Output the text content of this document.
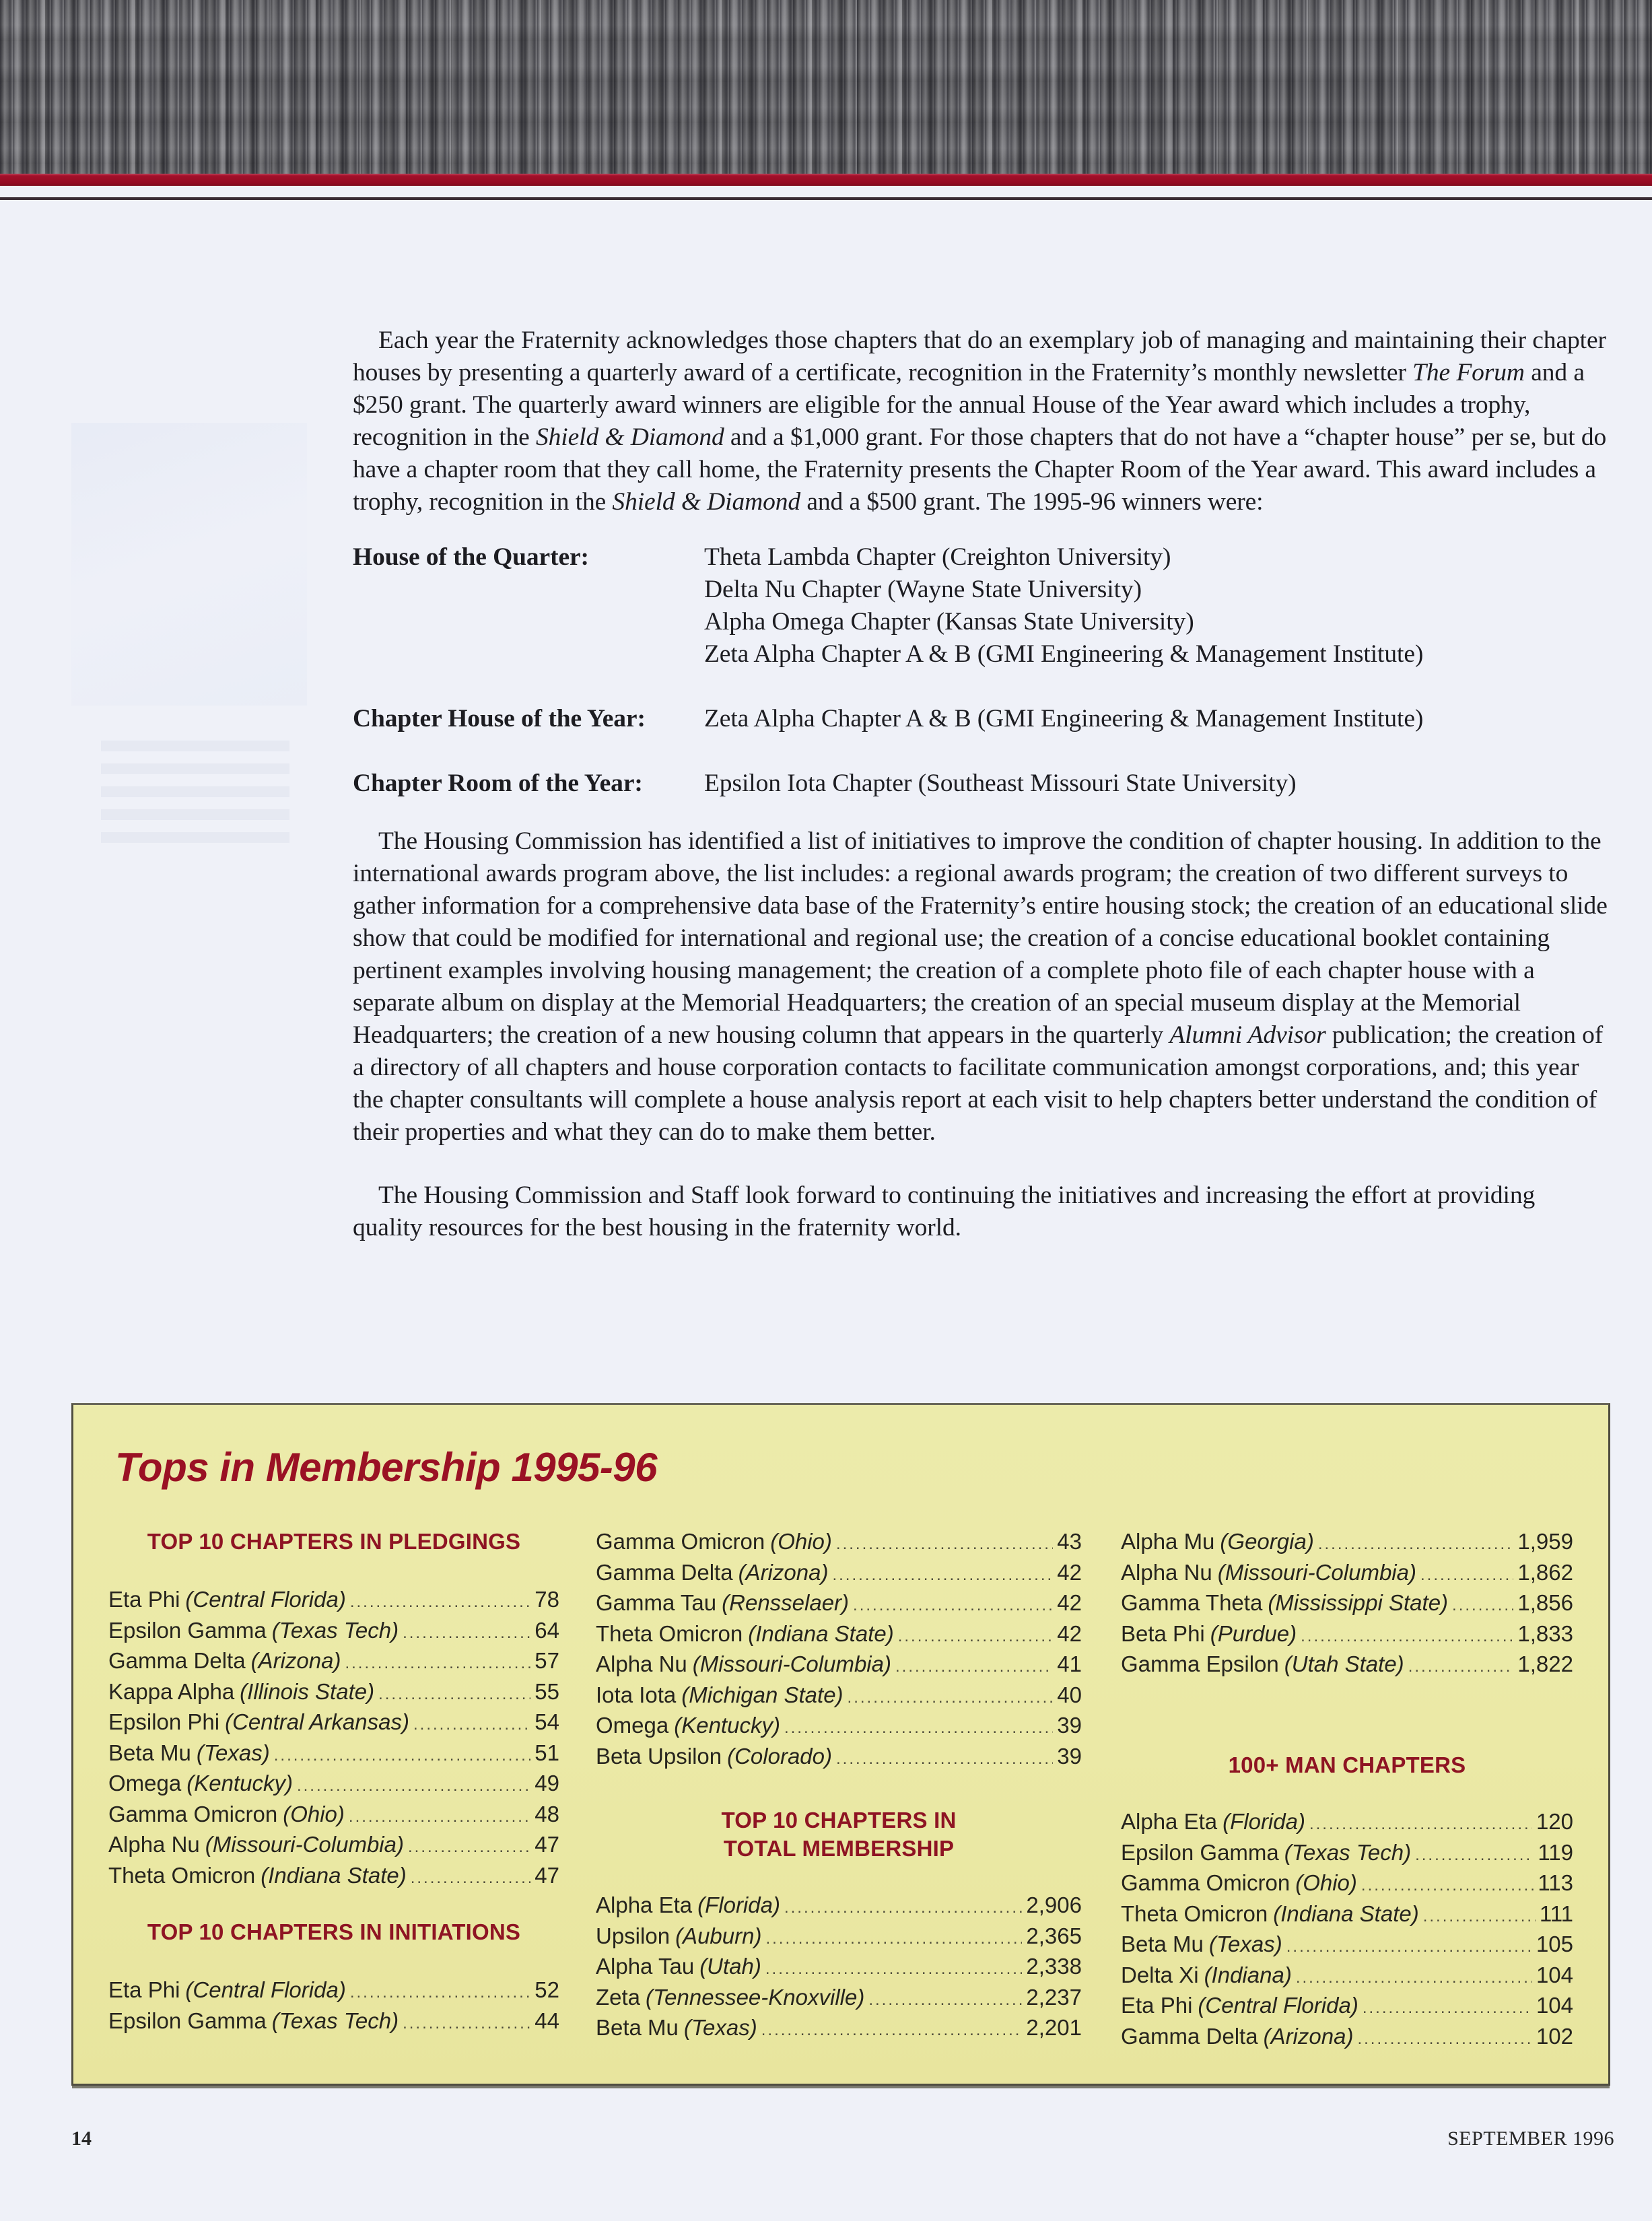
Each year the Fraternity acknowledges those chapters that do an exemplary job of managing and maintaining their chapter houses by presenting a quarterly award of a certificate, recognition in the Fraternity’s monthly newsletter The Forum and a $250 grant. The quarterly award winners are eligible for the annual House of the Year award which includes a trophy, recognition in the Shield & Diamond and a $1,000 grant. For those chapters that do not have a “chapter house” per se, but do have a chapter room that they call home, the Fraternity presents the Chapter Room of the Year award. This award includes a trophy, recognition in the Shield & Diamond and a $500 grant. The 1995-96 winners were:

House of the Quarter:	Theta Lambda Chapter (Creighton University)
Delta Nu Chapter (Wayne State University)
Alpha Omega Chapter (Kansas State University)
Zeta Alpha Chapter A & B (GMI Engineering & Management Institute)
Chapter House of the Year:	Zeta Alpha Chapter A & B (GMI Engineering & Management Institute)
Chapter Room of the Year:	Epsilon Iota Chapter (Southeast Missouri State University)

The Housing Commission has identified a list of initiatives to improve the condition of chapter housing. In addition to the international awards program above, the list includes: a regional awards program; the creation of two different surveys to gather information for a comprehensive data base of the Fraternity’s entire housing stock; the creation of an educational slide show that could be modified for international and regional use; the creation of a concise educational booklet containing pertinent examples involving housing management; the creation of a complete photo file of each chapter house with a separate album on display at the Memorial Headquarters; the creation of an special museum display at the Memorial Headquarters; the creation of a new housing column that appears in the quarterly Alumni Advisor publication; the creation of a directory of all chapters and house corporation contacts to facilitate communication amongst corporations, and; this year the chapter consultants will complete a house analysis report at each visit to help chapters better understand the condition of their properties and what they can do to make them better.

The Housing Commission and Staff look forward to continuing the initiatives and increasing the effort at providing quality resources for the best housing in the fraternity world.

Tops in Membership 1995-96
TOP 10 CHAPTERS IN PLEDGINGS
Eta Phi (Central Florida) .....	78
Epsilon Gamma (Texas Tech) .....	64
Gamma Delta (Arizona) .....	57
Kappa Alpha (Illinois State) .....	55
Epsilon Phi (Central Arkansas) .....	54
Beta Mu (Texas) .....	51
Omega (Kentucky) .....	49
Gamma Omicron (Ohio) .....	48
Alpha Nu (Missouri-Columbia) .....	47
Theta Omicron (Indiana State) .....	47
TOP 10 CHAPTERS IN INITIATIONS
Eta Phi (Central Florida) .....	52
Epsilon Gamma (Texas Tech) .....	44
Gamma Omicron (Ohio) .....	43
Gamma Delta (Arizona) .....	42
Gamma Tau (Rensselaer) .....	42
Theta Omicron (Indiana State) .....	42
Alpha Nu (Missouri-Columbia) .....	41
Iota Iota (Michigan State) .....	40
Omega (Kentucky) .....	39
Beta Upsilon (Colorado) .....	39
TOP 10 CHAPTERS IN
TOTAL MEMBERSHIP
Alpha Eta (Florida) .....	2,906
Upsilon (Auburn) .....	2,365
Alpha Tau (Utah) .....	2,338
Zeta (Tennessee-Knoxville) .....	2,237
Beta Mu (Texas) .....	2,201
Alpha Mu (Georgia) .....	1,959
Alpha Nu (Missouri-Columbia) .....	1,862
Gamma Theta (Mississippi State) .....	1,856
Beta Phi (Purdue) .....	1,833
Gamma Epsilon (Utah State) .....	1,822
100+ MAN CHAPTERS
Alpha Eta (Florida) .....	120
Epsilon Gamma (Texas Tech) .....	119
Gamma Omicron (Ohio) .....	113
Theta Omicron (Indiana State) .....	111
Beta Mu (Texas) .....	105
Delta Xi (Indiana) .....	104
Eta Phi (Central Florida) .....	104
Gamma Delta (Arizona) .....	102
14	SEPTEMBER 1996
